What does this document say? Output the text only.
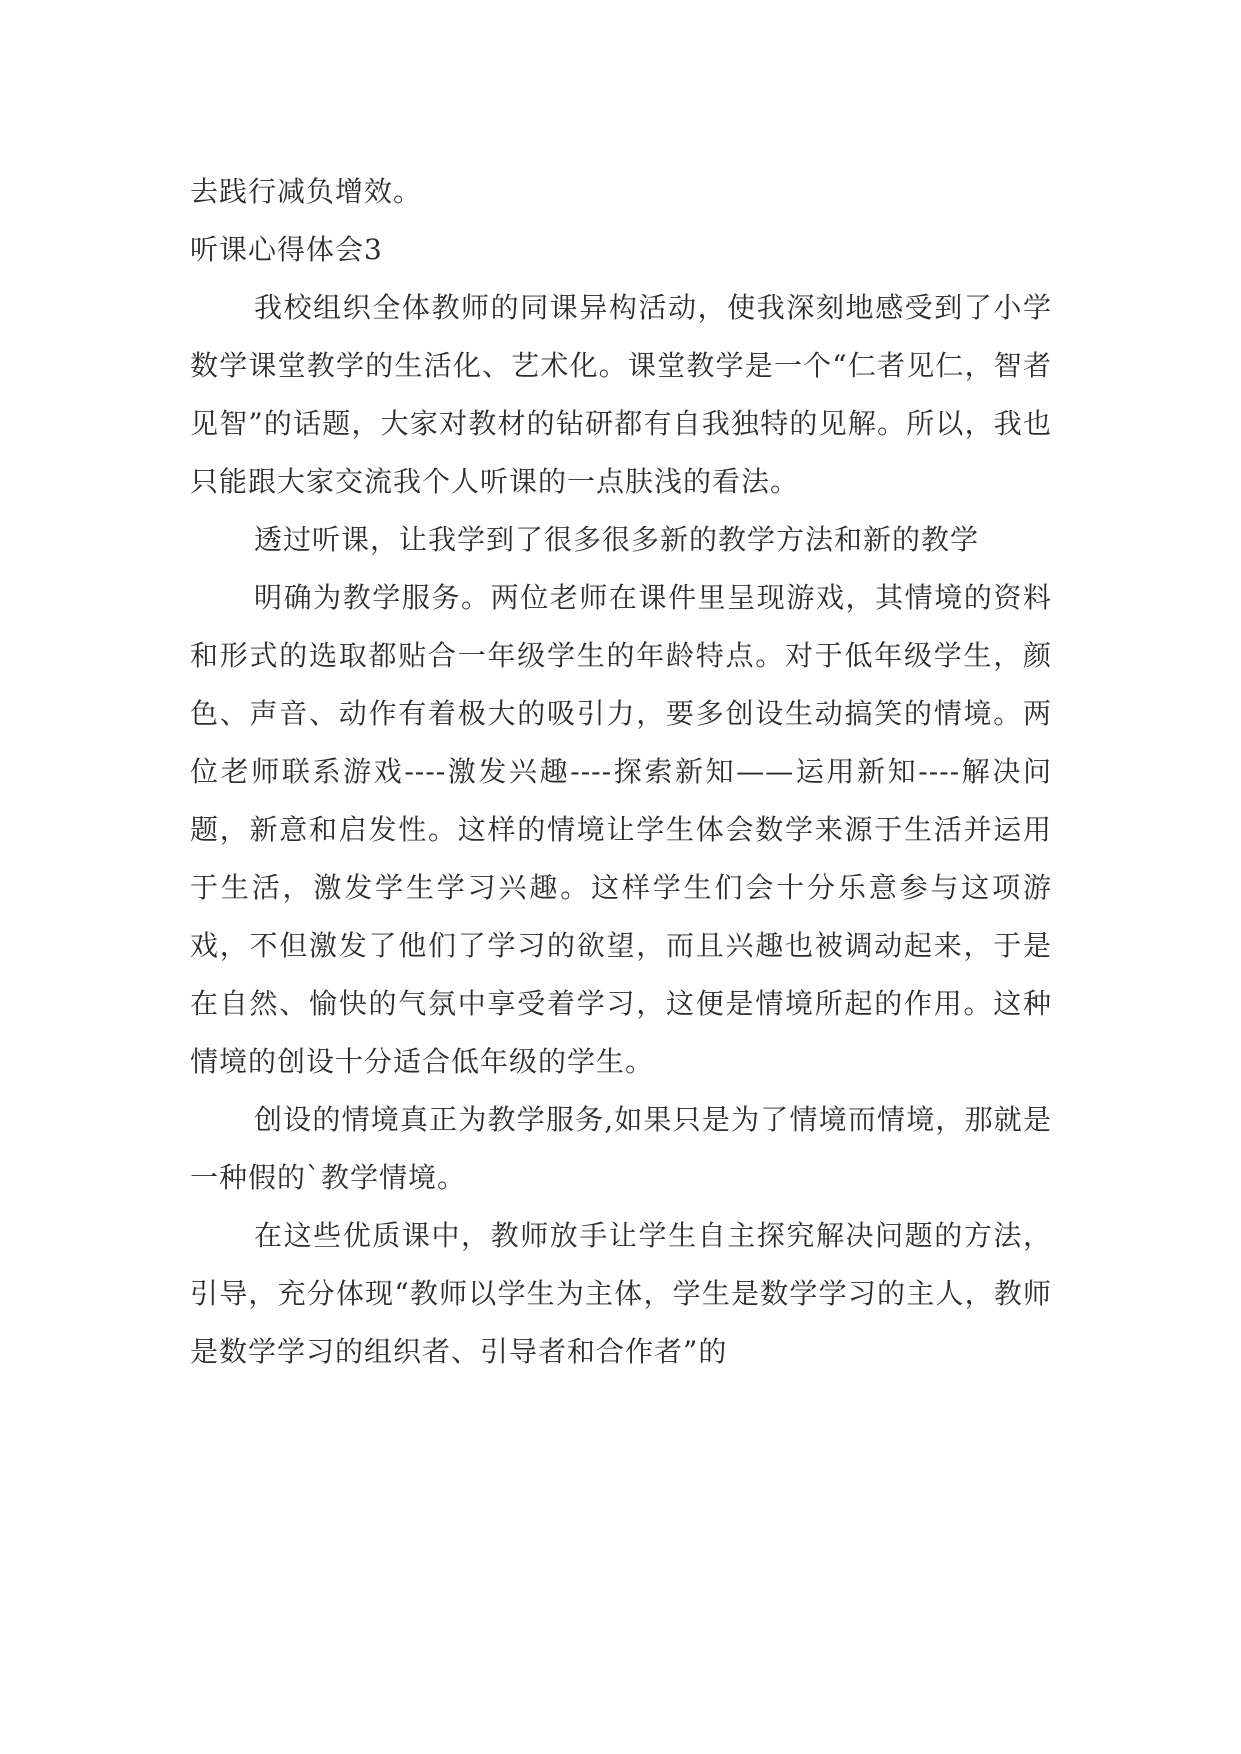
去践行减负增效。

听课心得体会3

我校组织全体教师的同课异构活动，使我深刻地感受到了小学数学课堂教学的生活化、艺术化。课堂教学是一个“仁者见仁，智者见智”的话题，大家对教材的钻研都有自我独特的见解。所以，我也只能跟大家交流我个人听课的一点肤浅的看法。

透过听课，让我学到了很多很多新的教学方法和新的教学

明确为教学服务。两位老师在课件里呈现游戏，其情境的资料和形式的选取都贴合一年级学生的年龄特点。对于低年级学生，颜色、声音、动作有着极大的吸引力，要多创设生动搞笑的情境。两位老师联系游戏----激发兴趣----探索新知——运用新知----解决问题，新意和启发性。这样的情境让学生体会数学来源于生活并运用于生活，激发学生学习兴趣。这样学生们会十分乐意参与这项游戏，不但激发了他们了学习的欲望，而且兴趣也被调动起来，于是在自然、愉快的气氛中享受着学习，这便是情境所起的作用。这种情境的创设十分适合低年级的学生。

创设的情境真正为教学服务,如果只是为了情境而情境，那就是一种假的`教学情境。

在这些优质课中，教师放手让学生自主探究解决问题的方法，引导，充分体现“教师以学生为主体，学生是数学学习的主人，教师是数学学习的组织者、引导者和合作者”的
